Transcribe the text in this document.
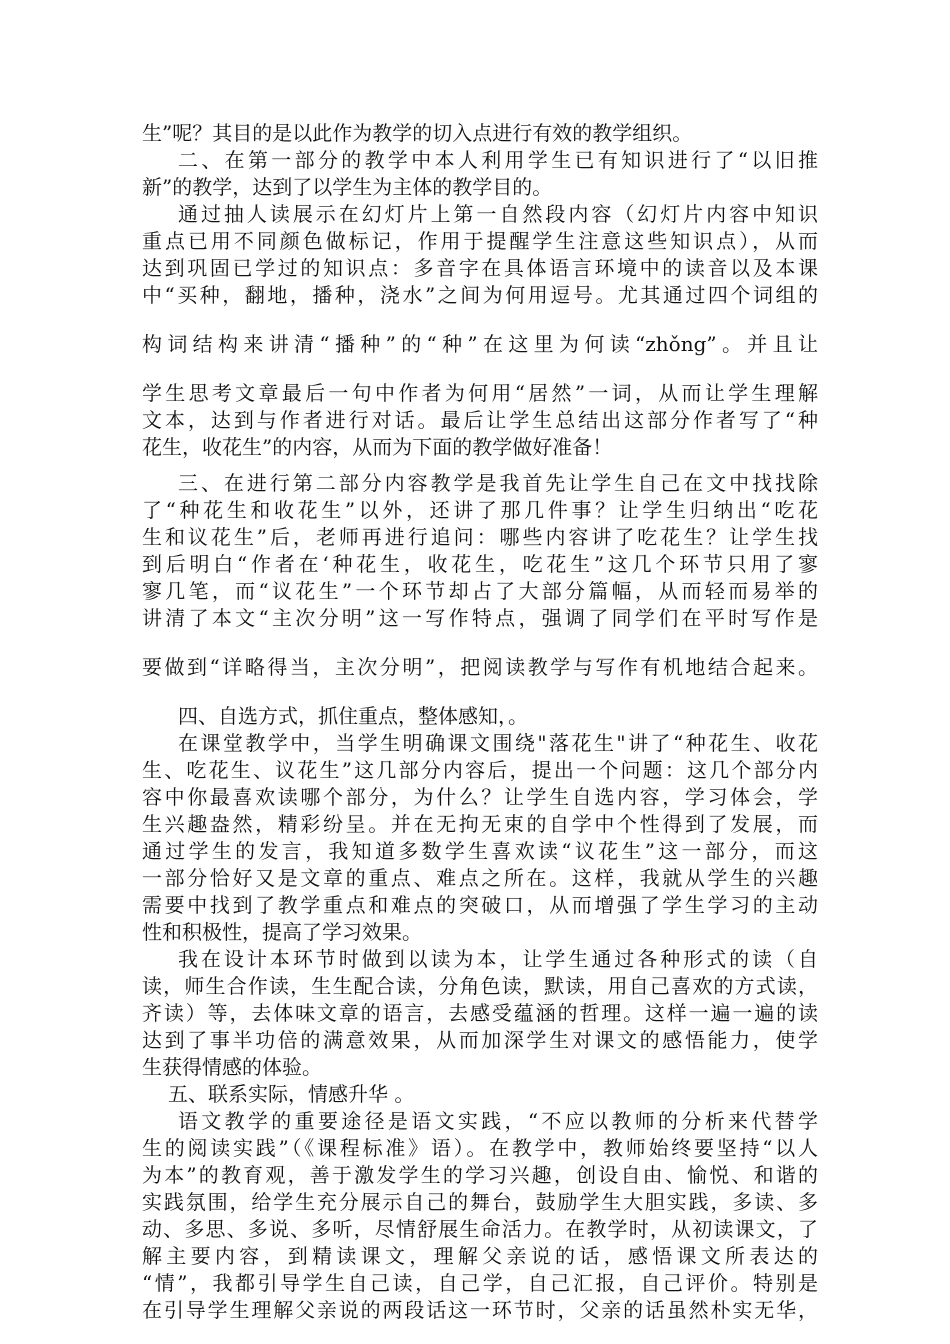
生”呢？其目的是以此作为教学的切入点进行有效的教学组织。
二、在第一部分的教学中本人利用学生已有知识进行了“以旧推
新”的教学，达到了以学生为主体的教学目的。
通过抽人读展示在幻灯片上第一自然段内容（幻灯片内容中知识
重点已用不同颜色做标记，作用于提醒学生注意这些知识点），从而
达到巩固已学过的知识点：多音字在具体语言环境中的读音以及本课
中“买种，翻地，播种，浇水”之间为何用逗号。尤其通过四个词组的
构词结构来讲清“播种”的“种”在这里为何读“zhǒng”。并且让
学生思考文章最后一句中作者为何用“居然”一词，从而让学生理解
文本，达到与作者进行对话。最后让学生总结出这部分作者写了“种
花生，收花生”的内容，从而为下面的教学做好准备！
三、在进行第二部分内容教学是我首先让学生自己在文中找找除
了“种花生和收花生”以外，还讲了那几件事？让学生归纳出“吃花
生和议花生”后，老师再进行追问：哪些内容讲了吃花生？让学生找
到后明白“作者在‘种花生，收花生，吃花生”这几个环节只用了寥
寥几笔，而“议花生”一个环节却占了大部分篇幅，从而轻而易举的
讲清了本文“主次分明”这一写作特点，强调了同学们在平时写作是
要做到“详略得当，主次分明”，把阅读教学与写作有机地结合起来。
四、自选方式，抓住重点，整体感知，。
在课堂教学中，当学生明确课文围绕"落花生"讲了“种花生、收花
生、吃花生、议花生”这几部分内容后，提出一个问题：这几个部分内
容中你最喜欢读哪个部分，为什么？让学生自选内容，学习体会，学
生兴趣盎然，精彩纷呈。并在无拘无束的自学中个性得到了发展，而
通过学生的发言，我知道多数学生喜欢读“议花生”这一部分，而这
一部分恰好又是文章的重点、难点之所在。这样，我就从学生的兴趣
需要中找到了教学重点和难点的突破口，从而增强了学生学习的主动
性和积极性，提高了学习效果。
我在设计本环节时做到以读为本，让学生通过各种形式的读（自
读，师生合作读，生生配合读，分角色读，默读，用自己喜欢的方式读，
齐读）等，去体味文章的语言，去感受蕴涵的哲理。这样一遍一遍的读
达到了事半功倍的满意效果，从而加深学生对课文的感悟能力，使学
生获得情感的体验。
五、联系实际，情感升华 。
语文教学的重要途径是语文实践，“不应以教师的分析来代替学
生的阅读实践”（《课程标准》语）。在教学中，教师始终要坚持“以人
为本”的教育观，善于激发学生的学习兴趣，创设自由、愉悦、和谐的
实践氛围，给学生充分展示自己的舞台，鼓励学生大胆实践，多读、多
动、多思、多说、多听，尽情舒展生命活力。在教学时，从初读课文，了
解主要内容，到精读课文，理解父亲说的话，感悟课文所表达的
“情”，我都引导学生自己读，自己学，自己汇报，自己评价。特别是
在引导学生理解父亲说的两段话这一环节时，父亲的话虽然朴实无华，
